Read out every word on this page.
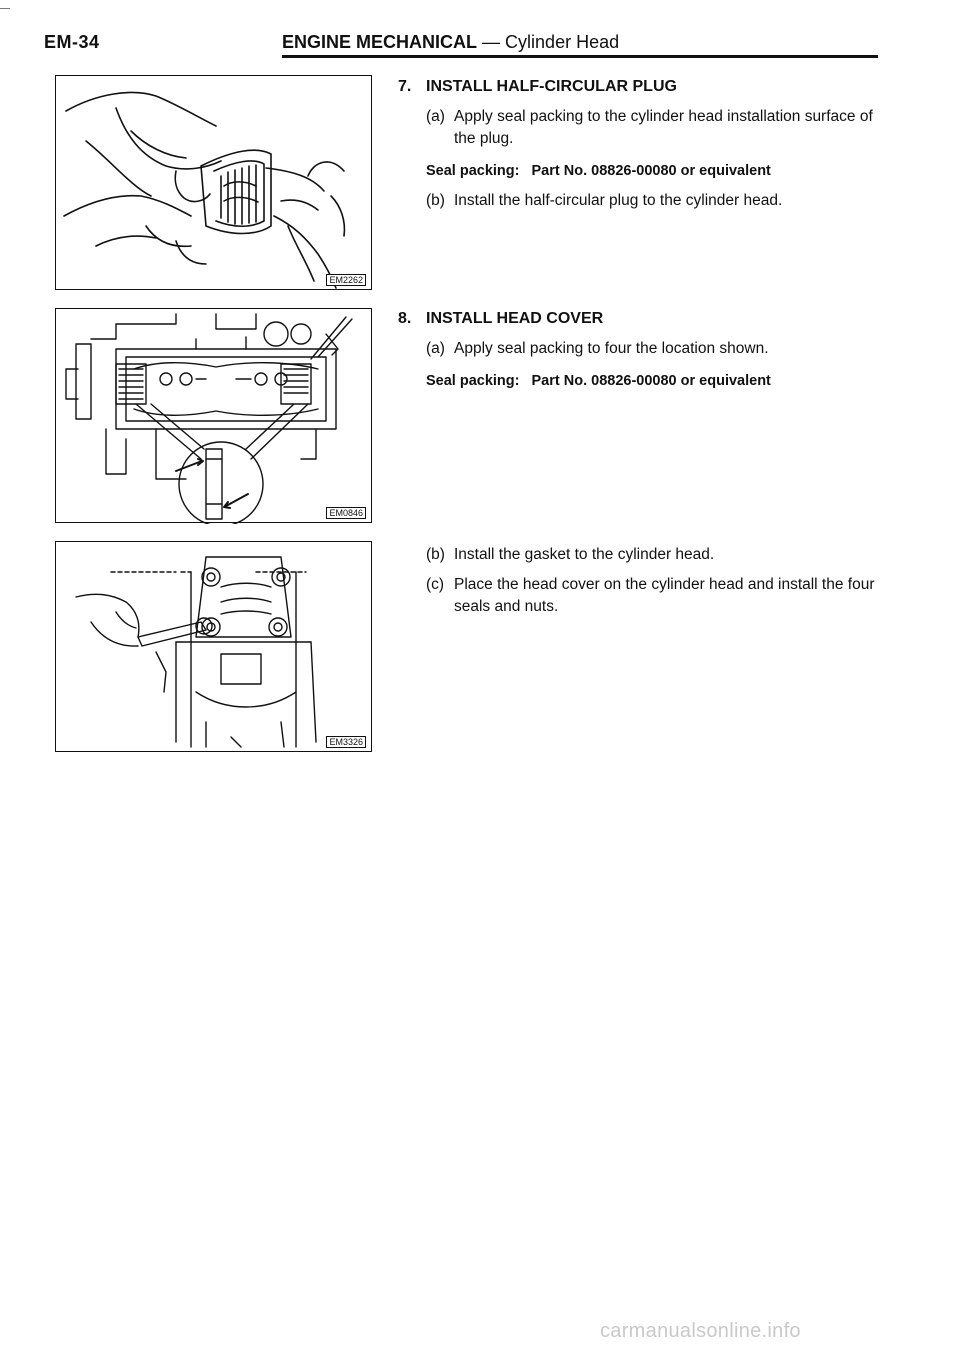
EM-34	ENGINE MECHANICAL — Cylinder Head
EM2262
EM0846
EM3326
7. INSTALL HALF-CIRCULAR PLUG
(a) Apply seal packing to the cylinder head installation surface of the plug.
Seal packing: Part No. 08826-00080 or equivalent
(b) Install the half-circular plug to the cylinder head.
8. INSTALL HEAD COVER
(a) Apply seal packing to four the location shown.
Seal packing: Part No. 08826-00080 or equivalent
(b) Install the gasket to the cylinder head.
(c) Place the head cover on the cylinder head and install the four seals and nuts.
carmanualsonline.info
